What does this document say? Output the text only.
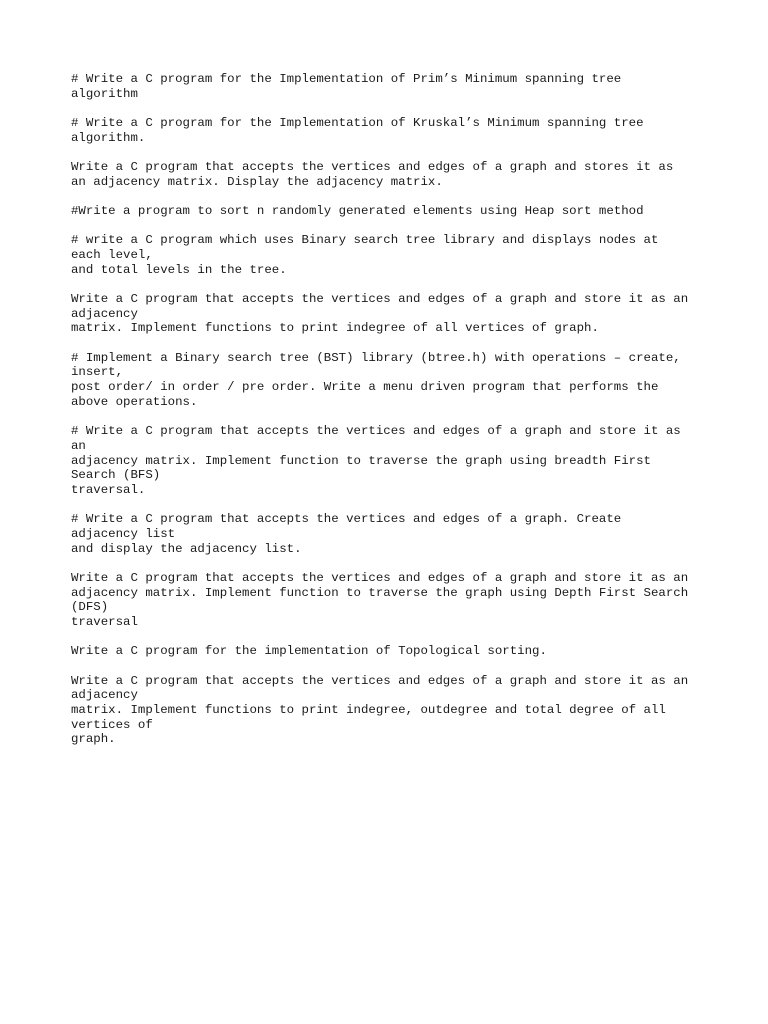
# Write a C program for the Implementation of Prim’s Minimum spanning tree
algorithm
# Write a C program for the Implementation of Kruskal’s Minimum spanning tree
algorithm.
Write a C program that accepts the vertices and edges of a graph and stores it as
an adjacency matrix. Display the adjacency matrix.
#Write a program to sort n randomly generated elements using Heap sort method
# write a C program which uses Binary search tree library and displays nodes at
each level,
and total levels in the tree.
Write a C program that accepts the vertices and edges of a graph and store it as an
adjacency
matrix. Implement functions to print indegree of all vertices of graph.
# Implement a Binary search tree (BST) library (btree.h) with operations – create,
insert,
post order/ in order / pre order. Write a menu driven program that performs the
above operations.
# Write a C program that accepts the vertices and edges of a graph and store it as
an
adjacency matrix. Implement function to traverse the graph using breadth First
Search (BFS)
traversal.
# Write a C program that accepts the vertices and edges of a graph. Create
adjacency list
and display the adjacency list.
Write a C program that accepts the vertices and edges of a graph and store it as an
adjacency matrix. Implement function to traverse the graph using Depth First Search
(DFS)
traversal
Write a C program for the implementation of Topological sorting.
Write a C program that accepts the vertices and edges of a graph and store it as an
adjacency
matrix. Implement functions to print indegree, outdegree and total degree of all
vertices of
graph.
